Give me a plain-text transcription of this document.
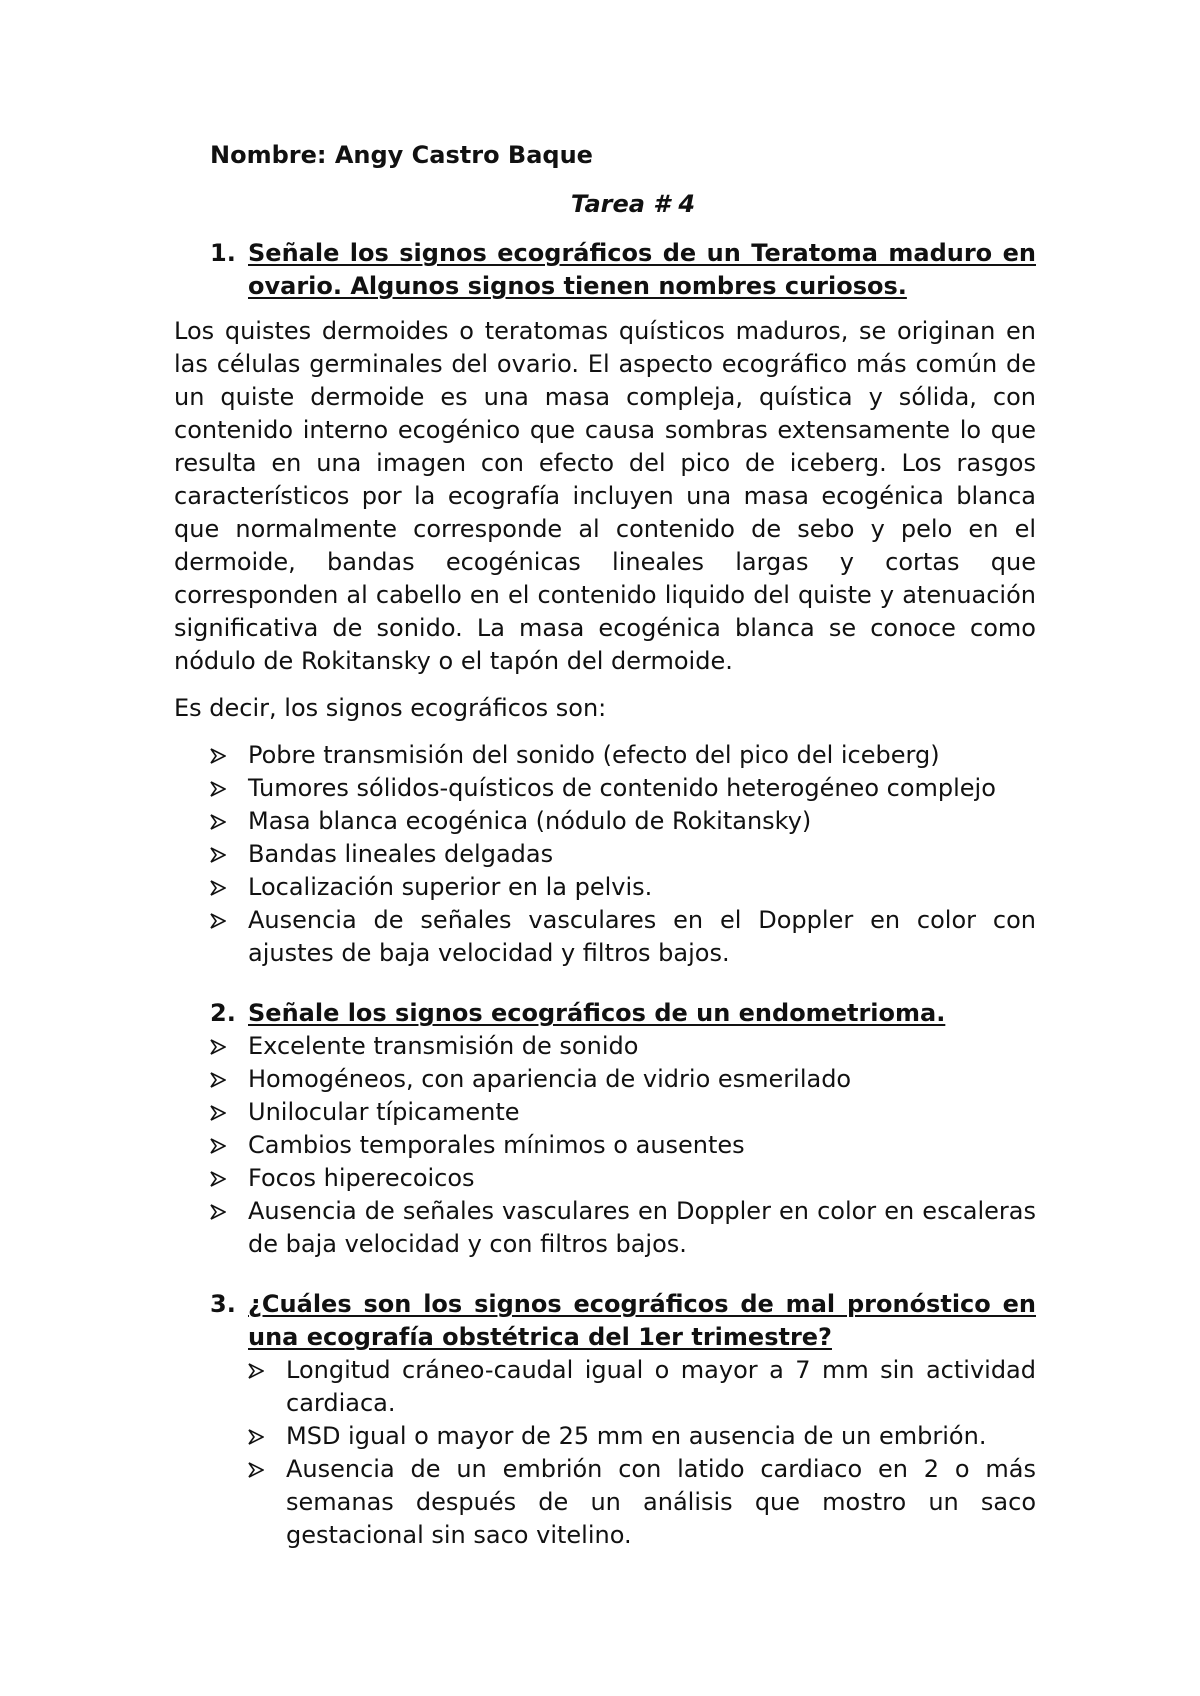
Nombre: Angy Castro Baque

Tarea # 4

1. Señale los signos ecográficos de un Teratoma maduro en ovario. Algunos signos tienen nombres curiosos.

Los quistes dermoides o teratomas quísticos maduros, se originan en las células germinales del ovario. El aspecto ecográfico más común de un quiste dermoide es una masa compleja, quística y sólida, con contenido interno ecogénico que causa sombras extensamente lo que resulta en una imagen con efecto del pico de iceberg. Los rasgos característicos por la ecografía incluyen una masa ecogénica blanca que normalmente corresponde al contenido de sebo y pelo en el dermoide, bandas ecogénicas lineales largas y cortas que corresponden al cabello en el contenido liquido del quiste y atenuación significativa de sonido. La masa ecogénica blanca se conoce como nódulo de Rokitansky o el tapón del dermoide.

Es decir, los signos ecográficos son:

Pobre transmisión del sonido (efecto del pico del iceberg)
Tumores sólidos-quísticos de contenido heterogéneo complejo
Masa blanca ecogénica (nódulo de Rokitansky)
Bandas lineales delgadas
Localización superior en la pelvis.
Ausencia de señales vasculares en el Doppler en color con ajustes de baja velocidad y filtros bajos.
2. Señale los signos ecográficos de un endometrioma.
Excelente transmisión de sonido
Homogéneos, con apariencia de vidrio esmerilado
Unilocular típicamente
Cambios temporales mínimos o ausentes
Focos hiperecoicos
Ausencia de señales vasculares en Doppler en color en escaleras de baja velocidad y con filtros bajos.
3. ¿Cuáles son los signos ecográficos de mal pronóstico en una ecografía obstétrica del 1er trimestre?
Longitud cráneo-caudal igual o mayor a 7 mm sin actividad cardiaca.
MSD igual o mayor de 25 mm en ausencia de un embrión.
Ausencia de un embrión con latido cardiaco en 2 o más semanas después de un análisis que mostro un saco gestacional sin saco vitelino.
